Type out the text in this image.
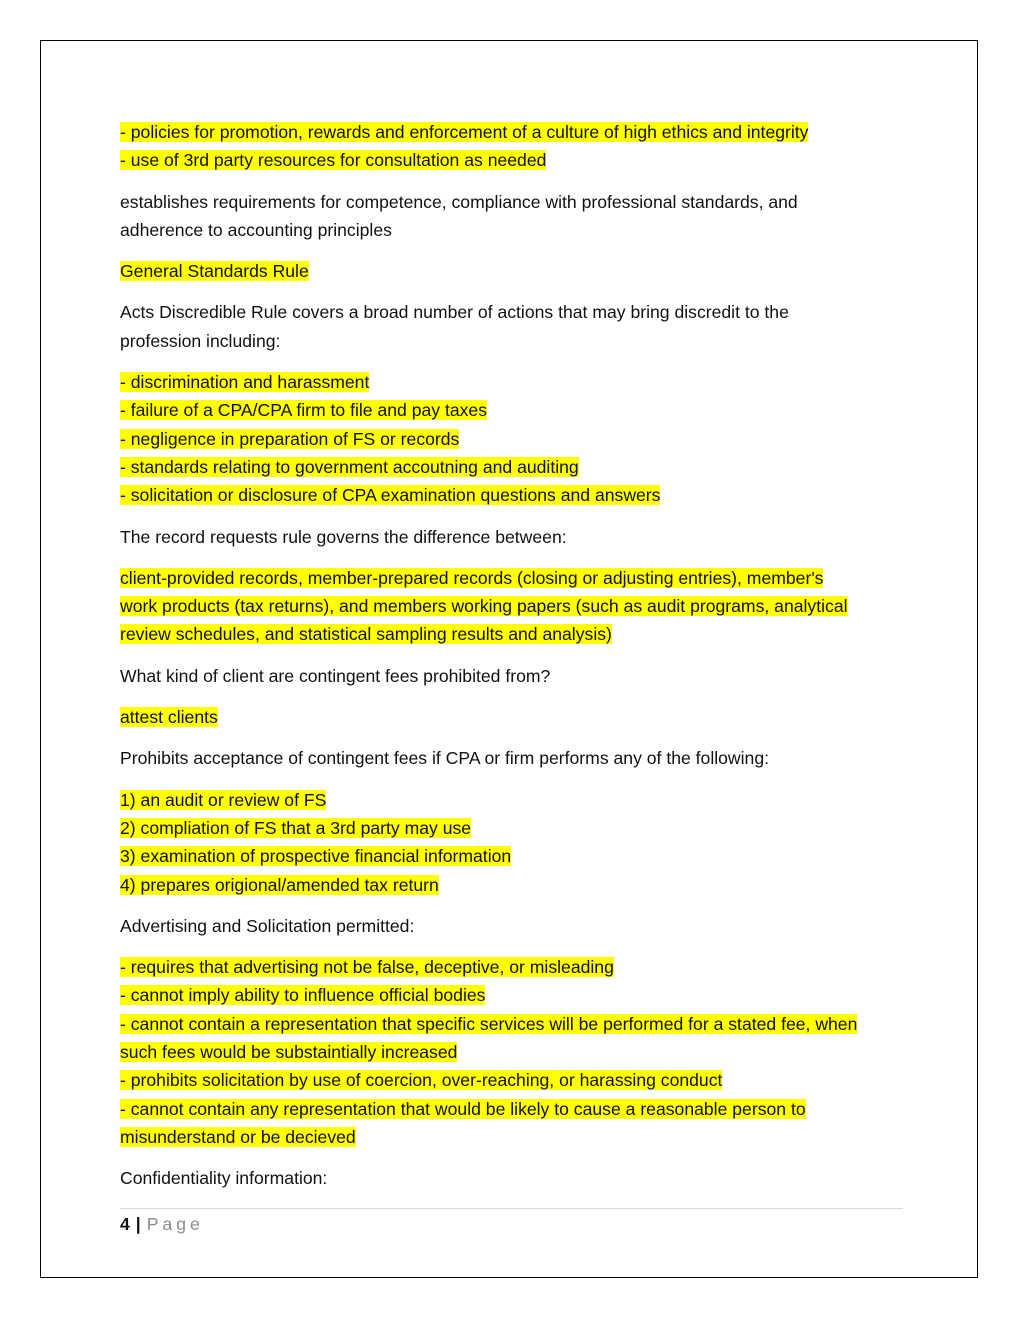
- policies for promotion, rewards and enforcement of a culture of high ethics and integrity
- use of 3rd party resources for consultation as needed
establishes requirements for competence, compliance with professional standards, and
adherence to accounting principles
General Standards Rule
Acts Discredible Rule covers a broad number of actions that may bring discredit to the
profession including:
- discrimination and harassment
- failure of a CPA/CPA firm to file and pay taxes
- negligence in preparation of FS or records
- standards relating to government accoutning and auditing
- solicitation or disclosure of CPA examination questions and answers
The record requests rule governs the difference between:
client-provided records, member-prepared records (closing or adjusting entries), member's
work products (tax returns), and members working papers (such as audit programs, analytical
review schedules, and statistical sampling results and analysis)
What kind of client are contingent fees prohibited from?
attest clients
Prohibits acceptance of contingent fees if CPA or firm performs any of the following:
1) an audit or review of FS
2) compliation of FS that a 3rd party may use
3) examination of prospective financial information
4) prepares origional/amended tax return
Advertising and Solicitation permitted:
- requires that advertising not be false, deceptive, or misleading
- cannot imply ability to influence official bodies
- cannot contain a representation that specific services will be performed for a stated fee, when
such fees would be substaintially increased
- prohibits solicitation by use of coercion, over-reaching, or harassing conduct
- cannot contain any representation that would be likely to cause a reasonable person to
misunderstand or be decieved
Confidentiality information:
4 | Page
